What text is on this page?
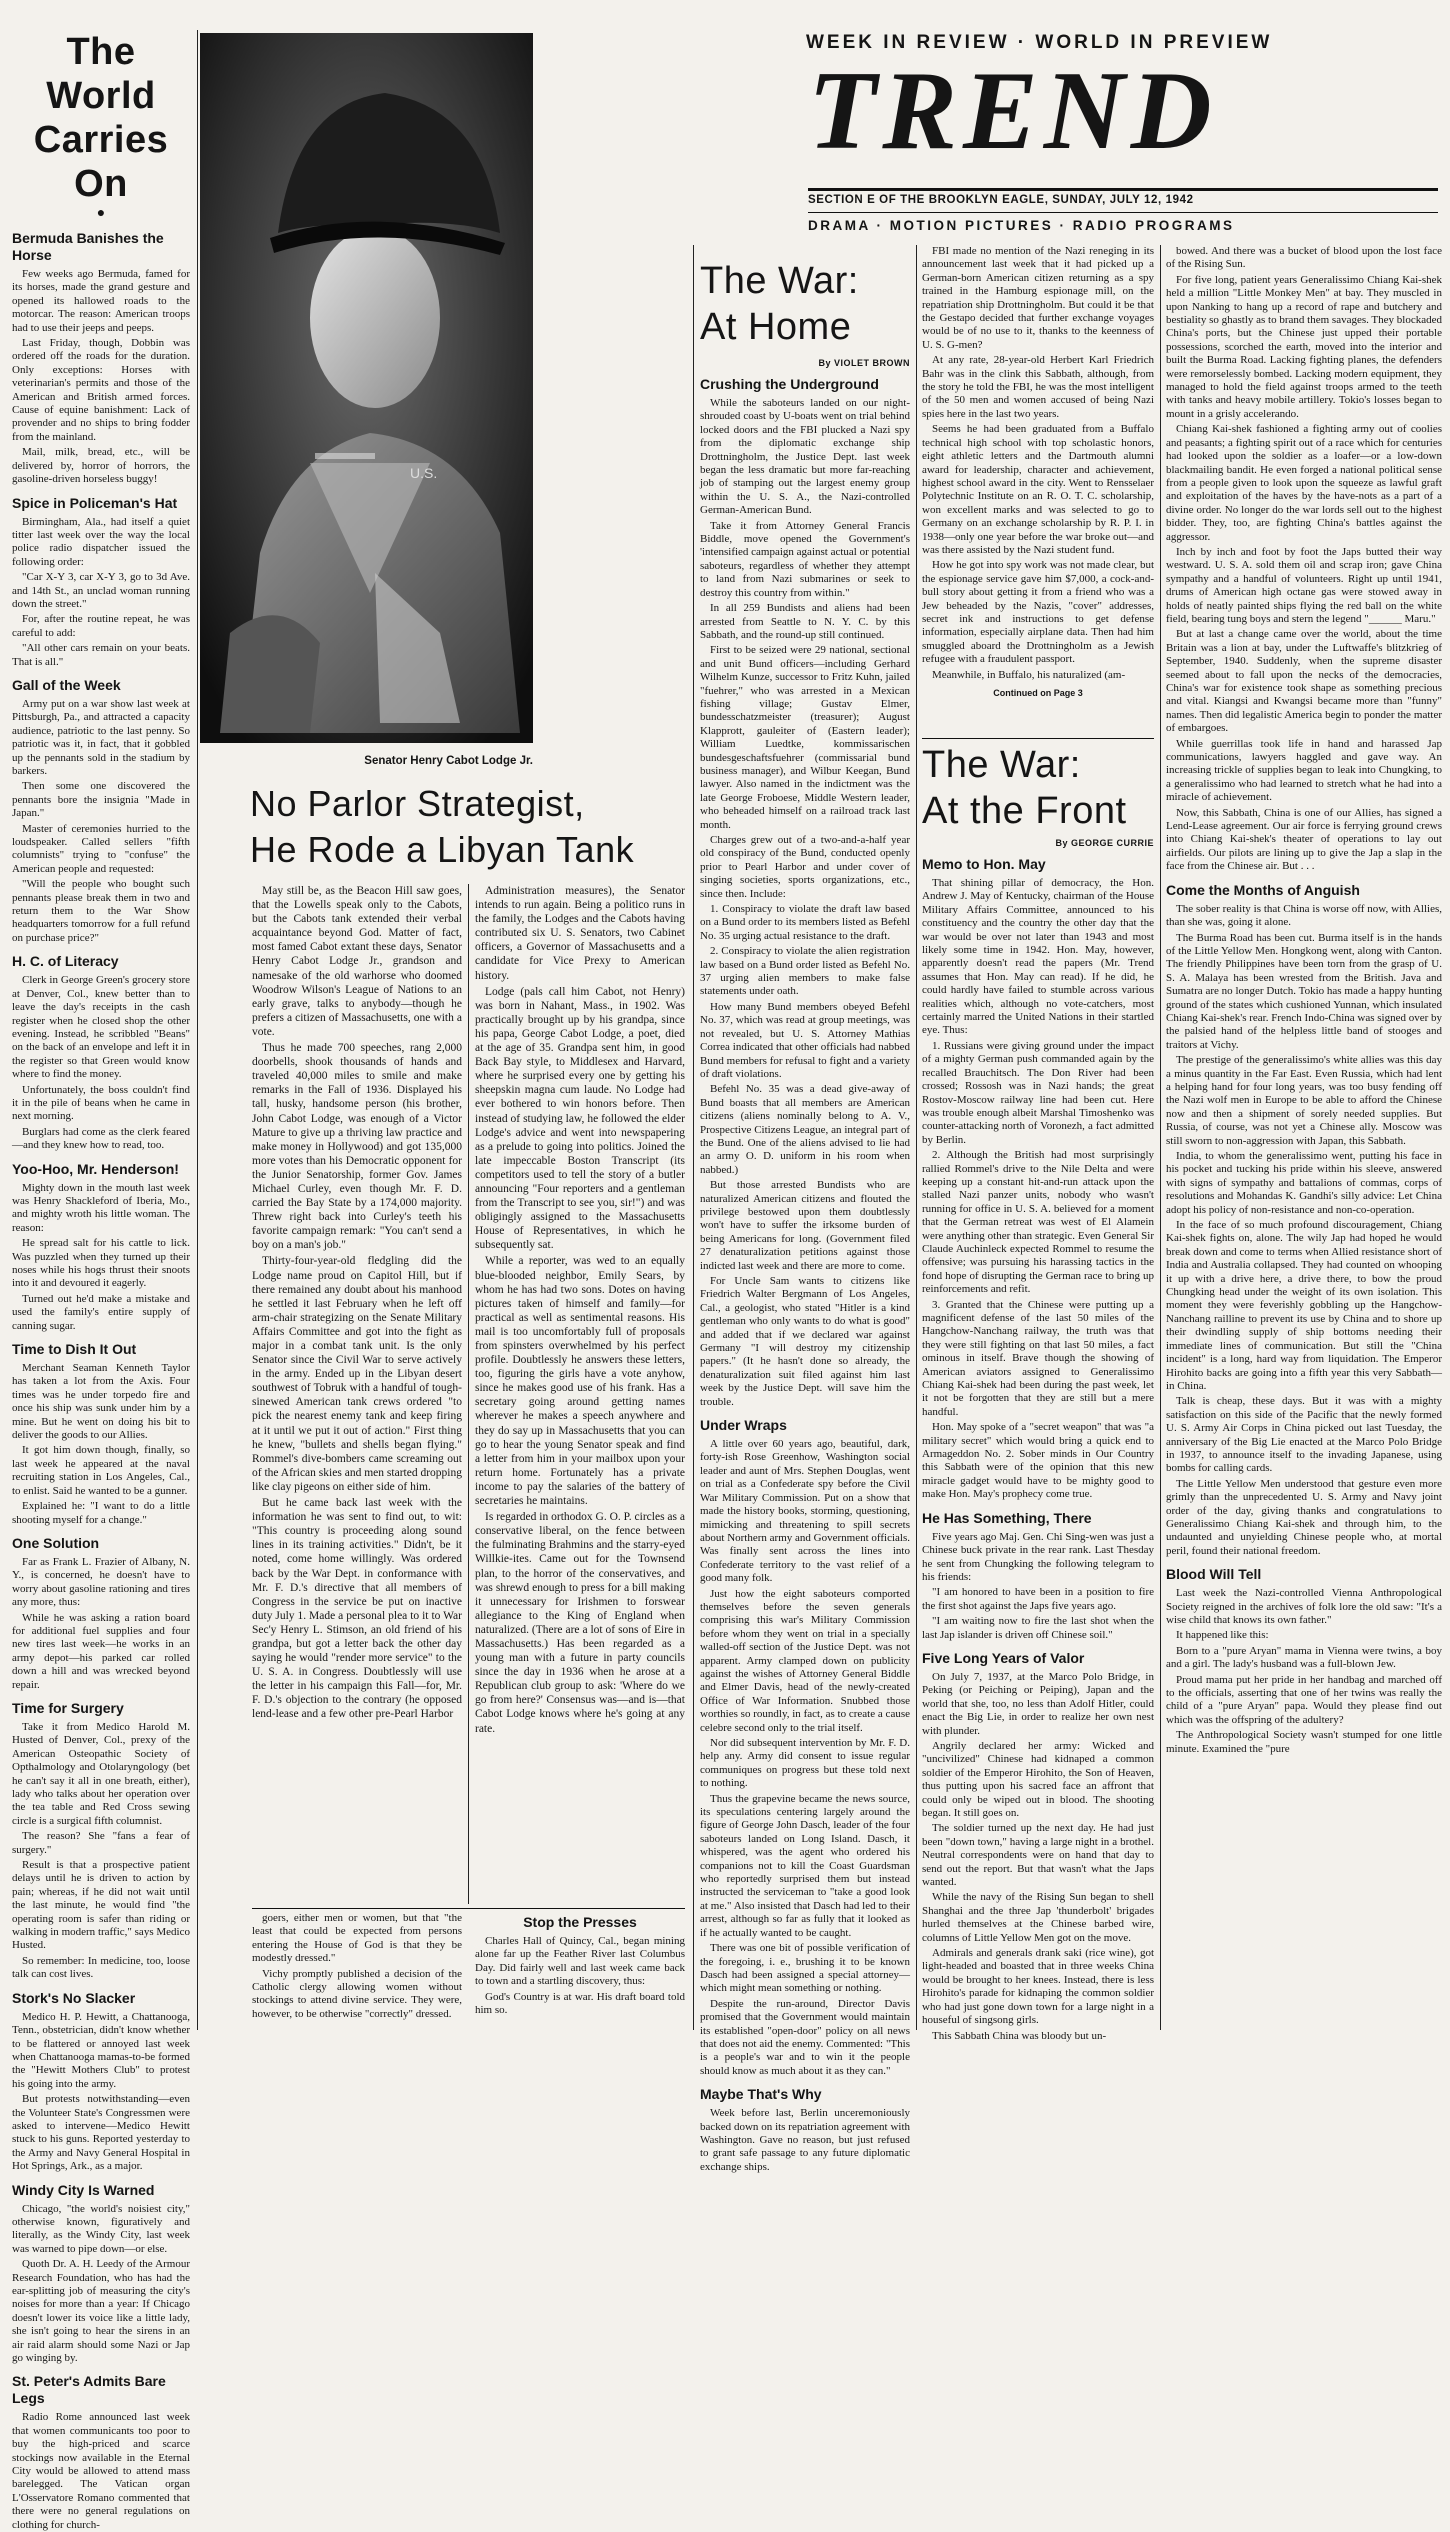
The World
Carries On
●
Bermuda Banishes the Horse

Few weeks ago Bermuda, famed for its horses, made the grand gesture and opened its hallowed roads to the motorcar. The reason: American troops had to use their jeeps and peeps.

Last Friday, though, Dobbin was ordered off the roads for the duration. Only exceptions: Horses with veterinarian's permits and those of the American and British armed forces. Cause of equine banishment: Lack of provender and no ships to bring fodder from the mainland.

Mail, milk, bread, etc., will be delivered by, horror of horrors, the gasoline-driven horseless buggy!

Spice in Policeman's Hat

Birmingham, Ala., had itself a quiet titter last week over the way the local police radio dispatcher issued the following order:

"Car X-Y 3, car X-Y 3, go to 3d Ave. and 14th St., an unclad woman running down the street."

For, after the routine repeat, he was careful to add:

"All other cars remain on your beats. That is all."

Gall of the Week

Army put on a war show last week at Pittsburgh, Pa., and attracted a capacity audience, patriotic to the last penny. So patriotic was it, in fact, that it gobbled up the pennants sold in the stadium by barkers.

Then some one discovered the pennants bore the insignia "Made in Japan."

Master of ceremonies hurried to the loudspeaker. Called sellers "fifth columnists" trying to "confuse" the American people and requested:

"Will the people who bought such pennants please break them in two and return them to the War Show headquarters tomorrow for a full refund on purchase price?"

H. C. of Literacy

Clerk in George Green's grocery store at Denver, Col., knew better than to leave the day's receipts in the cash register when he closed shop the other evening. Instead, he scribbled "Beans" on the back of an envelope and left it in the register so that Green would know where to find the money.

Unfortunately, the boss couldn't find it in the pile of beans when he came in next morning.

Burglars had come as the clerk feared—and they knew how to read, too.

Yoo-Hoo, Mr. Henderson!

Mighty down in the mouth last week was Henry Shackleford of Iberia, Mo., and mighty wroth his little woman. The reason:

He spread salt for his cattle to lick. Was puzzled when they turned up their noses while his hogs thrust their snoots into it and devoured it eagerly.

Turned out he'd make a mistake and used the family's entire supply of canning sugar.

Time to Dish It Out

Merchant Seaman Kenneth Taylor has taken a lot from the Axis. Four times was he under torpedo fire and once his ship was sunk under him by a mine. But he went on doing his bit to deliver the goods to our Allies.

It got him down though, finally, so last week he appeared at the naval recruiting station in Los Angeles, Cal., to enlist. Said he wanted to be a gunner.

Explained he: "I want to do a little shooting myself for a change."

One Solution

Far as Frank L. Frazier of Albany, N. Y., is concerned, he doesn't have to worry about gasoline rationing and tires any more, thus:

While he was asking a ration board for additional fuel supplies and four new tires last week—he works in an army depot—his parked car rolled down a hill and was wrecked beyond repair.

Time for Surgery

Take it from Medico Harold M. Husted of Denver, Col., prexy of the American Osteopathic Society of Opthalmology and Otolaryngology (bet he can't say it all in one breath, either), lady who talks about her operation over the tea table and Red Cross sewing circle is a surgical fifth columnist.

The reason? She "fans a fear of surgery."

Result is that a prospective patient delays until he is driven to action by pain; whereas, if he did not wait until the last minute, he would find "the operating room is safer than riding or walking in modern traffic," says Medico Husted.

So remember: In medicine, too, loose talk can cost lives.

Stork's No Slacker

Medico H. P. Hewitt, a Chattanooga, Tenn., obstetrician, didn't know whether to be flattered or annoyed last week when Chattanooga mamas-to-be formed the "Hewitt Mothers Club" to protest his going into the army.

But protests notwithstanding—even the Volunteer State's Congressmen were asked to intervene—Medico Hewitt stuck to his guns. Reported yesterday to the Army and Navy General Hospital in Hot Springs, Ark., as a major.

Windy City Is Warned

Chicago, "the world's noisiest city," otherwise known, figuratively and literally, as the Windy City, last week was warned to pipe down—or else.

Quoth Dr. A. H. Leedy of the Armour Research Foundation, who has had the ear-splitting job of measuring the city's noises for more than a year: If Chicago doesn't lower its voice like a little lady, she isn't going to hear the sirens in an air raid alarm should some Nazi or Jap go winging by.

St. Peter's Admits Bare Legs

Radio Rome announced last week that women communicants too poor to buy the high-priced and scarce stockings now available in the Eternal City would be allowed to attend mass barelegged. The Vatican organ L'Osservatore Romano commented that there were no general regulations on clothing for church-

U.S.
Senator Henry Cabot Lodge Jr.
No Parlor Strategist,
He Rode a Libyan Tank

May still be, as the Beacon Hill saw goes, that the Lowells speak only to the Cabots, but the Cabots tank extended their verbal acquaintance beyond God. Matter of fact, most famed Cabot extant these days, Senator Henry Cabot Lodge Jr., grandson and namesake of the old warhorse who doomed Woodrow Wilson's League of Nations to an early grave, talks to anybody—though he prefers a citizen of Massachusetts, one with a vote.

Thus he made 700 speeches, rang 2,000 doorbells, shook thousands of hands and traveled 40,000 miles to smile and make remarks in the Fall of 1936. Displayed his tall, husky, handsome person (his brother, John Cabot Lodge, was enough of a Victor Mature to give up a thriving law practice and make money in Hollywood) and got 135,000 more votes than his Democratic opponent for the Junior Senatorship, former Gov. James Michael Curley, even though Mr. F. D. carried the Bay State by a 174,000 majority. Threw right back into Curley's teeth his favorite campaign remark: "You can't send a boy on a man's job."

Thirty-four-year-old fledgling did the Lodge name proud on Capitol Hill, but if there remained any doubt about his manhood he settled it last February when he left off arm-chair strategizing on the Senate Military Affairs Committee and got into the fight as major in a combat tank unit. Is the only Senator since the Civil War to serve actively in the army. Ended up in the Libyan desert southwest of Tobruk with a handful of tough-sinewed American tank crews ordered "to pick the nearest enemy tank and keep firing at it until we put it out of action." First thing he knew, "bullets and shells began flying." Rommel's dive-bombers came screaming out of the African skies and men started dropping like clay pigeons on either side of him.

But he came back last week with the information he was sent to find out, to wit: "This country is proceeding along sound lines in its training activities." Didn't, be it noted, come home willingly. Was ordered back by the War Dept. in conformance with Mr. F. D.'s directive that all members of Congress in the service be put on inactive duty July 1. Made a personal plea to it to War Sec'y Henry L. Stimson, an old friend of his grandpa, but got a letter back the other day saying he would "render more service" to the U. S. A. in Congress. Doubtlessly will use the letter in his campaign this Fall—for, Mr. F. D.'s objection to the contrary (he opposed lend-lease and a few other pre-Pearl Harbor

Administration measures), the Senator intends to run again. Being a politico runs in the family, the Lodges and the Cabots having contributed six U. S. Senators, two Cabinet officers, a Governor of Massachusetts and a candidate for Vice Prexy to American history.

Lodge (pals call him Cabot, not Henry) was born in Nahant, Mass., in 1902. Was practically brought up by his grandpa, since his papa, George Cabot Lodge, a poet, died at the age of 35. Grandpa sent him, in good Back Bay style, to Middlesex and Harvard, where he surprised every one by getting his sheepskin magna cum laude. No Lodge had ever bothered to win honors before. Then instead of studying law, he followed the elder Lodge's advice and went into newspapering as a prelude to going into politics. Joined the late impeccable Boston Transcript (its competitors used to tell the story of a butler announcing "Four reporters and a gentleman from the Transcript to see you, sir!") and was obligingly assigned to the Massachusetts House of Representatives, in which he subsequently sat.

While a reporter, was wed to an equally blue-blooded neighbor, Emily Sears, by whom he has had two sons. Dotes on having pictures taken of himself and family—for practical as well as sentimental reasons. His mail is too uncomfortably full of proposals from spinsters overwhelmed by his perfect profile. Doubtlessly he answers these letters, too, figuring the girls have a vote anyhow, since he makes good use of his frank. Has a secretary going around getting names wherever he makes a speech anywhere and they do say up in Massachusetts that you can go to hear the young Senator speak and find a letter from him in your mailbox upon your return home. Fortunately has a private income to pay the salaries of the battery of secretaries he maintains.

Is regarded in orthodox G. O. P. circles as a conservative liberal, on the fence between the fulminating Brahmins and the starry-eyed Willkie-ites. Came out for the Townsend plan, to the horror of the conservatives, and was shrewd enough to press for a bill making it unnecessary for Irishmen to forswear allegiance to the King of England when naturalized. (There are a lot of sons of Eire in Massachusetts.) Has been regarded as a young man with a future in party councils since the day in 1936 when he arose at a Republican club group to ask: 'Where do we go from here?' Consensus was—and is—that Cabot Lodge knows where he's going at any rate.

goers, either men or women, but that "the least that could be expected from persons entering the House of God is that they be modestly dressed."

Vichy promptly published a decision of the Catholic clergy allowing women without stockings to attend divine service. They were, however, to be otherwise "correctly" dressed.

Stop the Presses

Charles Hall of Quincy, Cal., began mining alone far up the Feather River last Columbus Day. Did fairly well and last week came back to town and a startling discovery, thus:

God's Country is at war. His draft board told him so.

WEEK IN REVIEW · WORLD IN PREVIEW
TREND
SECTION E OF THE BROOKLYN EAGLE, SUNDAY, JULY 12, 1942
DRAMA · MOTION PICTURES · RADIO PROGRAMS
The War:
At Home
By VIOLET BROWN
Crushing the Underground

While the saboteurs landed on our night-shrouded coast by U-boats went on trial behind locked doors and the FBI plucked a Nazi spy from the diplomatic exchange ship Drottningholm, the Justice Dept. last week began the less dramatic but more far-reaching job of stamping out the largest enemy group within the U. S. A., the Nazi-controlled German-American Bund.

Take it from Attorney General Francis Biddle, move opened the Government's 'intensified campaign against actual or potential saboteurs, regardless of whether they attempt to land from Nazi submarines or seek to destroy this country from within."

In all 259 Bundists and aliens had been arrested from Seattle to N. Y. C. by this Sabbath, and the round-up still continued.

First to be seized were 29 national, sectional and unit Bund officers—including Gerhard Wilhelm Kunze, successor to Fritz Kuhn, jailed "fuehrer," who was arrested in a Mexican fishing village; Gustav Elmer, bundesschatzmeister (treasurer); August Klapprott, gauleiter of (Eastern leader); William Luedtke, kommissarischen bundesgeschaftsfuehrer (commissarial bund business manager), and Wilbur Keegan, Bund lawyer. Also named in the indictment was the late George Froboese, Middle Western leader, who beheaded himself on a railroad track last month.

Charges grew out of a two-and-a-half year old conspiracy of the Bund, conducted openly prior to Pearl Harbor and under cover of singing societies, sports organizations, etc., since then. Include:

1. Conspiracy to violate the draft law based on a Bund order to its members listed as Befehl No. 35 urging actual resistance to the draft.

2. Conspiracy to violate the alien registration law based on a Bund order listed as Befehl No. 37 urging alien members to make false statements under oath.

How many Bund members obeyed Befehl No. 37, which was read at group meetings, was not revealed, but U. S. Attorney Mathias Correa indicated that other officials had nabbed Bund members for refusal to fight and a variety of draft violations.

Befehl No. 35 was a dead give-away of Bund boasts that all members are American citizens (aliens nominally belong to A. V., Prospective Citizens League, an integral part of the Bund. One of the aliens advised to lie had an army O. D. uniform in his room when nabbed.)

But those arrested Bundists who are naturalized American citizens and flouted the privilege bestowed upon them doubtlessly won't have to suffer the irksome burden of being Americans for long. (Government filed 27 denaturalization petitions against those indicted last week and there are more to come.

For Uncle Sam wants to citizens like Friedrich Walter Bergmann of Los Angeles, Cal., a geologist, who stated "Hitler is a kind gentleman who only wants to do what is good" and added that if we declared war against Germany "I will destroy my citizenship papers." (It he hasn't done so already, the denaturalization suit filed against him last week by the Justice Dept. will save him the trouble.

Under Wraps

A little over 60 years ago, beautiful, dark, forty-ish Rose Greenhow, Washington social leader and aunt of Mrs. Stephen Douglas, went on trial as a Confederate spy before the Civil War Military Commission. Put on a show that made the history books, storming, questioning, mimicking and threatening to spill secrets about Northern army and Government officials. Was finally sent across the lines into Confederate territory to the vast relief of a good many folk.

Just how the eight saboteurs comported themselves before the seven generals comprising this war's Military Commission before whom they went on trial in a specially walled-off section of the Justice Dept. was not apparent. Army clamped down on publicity against the wishes of Attorney General Biddle and Elmer Davis, head of the newly-created Office of War Information. Snubbed those worthies so roundly, in fact, as to create a cause celebre second only to the trial itself.

Nor did subsequent intervention by Mr. F. D. help any. Army did consent to issue regular communiques on progress but these told next to nothing.

Thus the grapevine became the news source, its speculations centering largely around the figure of George John Dasch, leader of the four saboteurs landed on Long Island. Dasch, it whispered, was the agent who ordered his companions not to kill the Coast Guardsman who reportedly surprised them but instead instructed the serviceman to "take a good look at me." Also insisted that Dasch had led to their arrest, although so far as fully that it looked as if he actually wanted to be caught.

There was one bit of possible verification of the foregoing, i. e., brushing it to be known Dasch had been assigned a special attorney—which might mean something or nothing.

Despite the run-around, Director Davis promised that the Government would maintain its established "open-door" policy on all news that does not aid the enemy. Commented: "This is a people's war and to win it the people should know as much about it as they can."

Maybe That's Why

Week before last, Berlin unceremoniously backed down on its repatriation agreement with Washington. Gave no reason, but just refused to grant safe passage to any future diplomatic exchange ships.

FBI made no mention of the Nazi reneging in its announcement last week that it had picked up a German-born American citizen returning as a spy trained in the Hamburg espionage mill, on the repatriation ship Drottningholm. But could it be that the Gestapo decided that further exchange voyages would be of no use to it, thanks to the keenness of U. S. G-men?

At any rate, 28-year-old Herbert Karl Friedrich Bahr was in the clink this Sabbath, although, from the story he told the FBI, he was the most intelligent of the 50 men and women accused of being Nazi spies here in the last two years.

Seems he had been graduated from a Buffalo technical high school with top scholastic honors, eight athletic letters and the Dartmouth alumni award for leadership, character and achievement, highest school award in the city. Went to Rensselaer Polytechnic Institute on an R. O. T. C. scholarship, won excellent marks and was selected to go to Germany on an exchange scholarship by R. P. I. in 1938—only one year before the war broke out—and was there assisted by the Nazi student fund.

How he got into spy work was not made clear, but the espionage service gave him $7,000, a cock-and-bull story about getting it from a friend who was a Jew beheaded by the Nazis, "cover" addresses, secret ink and instructions to get defense information, especially airplane data. Then had him smuggled aboard the Drottningholm as a Jewish refugee with a fraudulent passport.

Meanwhile, in Buffalo, his naturalized (am-

Continued on Page 3
The War:
At the Front
By GEORGE CURRIE
Memo to Hon. May

That shining pillar of democracy, the Hon. Andrew J. May of Kentucky, chairman of the House Military Affairs Committee, announced to his constituency and the country the other day that the war would be over not later than 1943 and most likely some time in 1942. Hon. May, however, apparently doesn't read the papers (Mr. Trend assumes that Hon. May can read). If he did, he could hardly have failed to stumble across various realities which, although no vote-catchers, most certainly marred the United Nations in their startled eye. Thus:

1. Russians were giving ground under the impact of a mighty German push commanded again by the recalled Brauchitsch. The Don River had been crossed; Rossosh was in Nazi hands; the great Rostov-Moscow railway line had been cut. Here was trouble enough albeit Marshal Timoshenko was counter-attacking north of Voronezh, a fact admitted by Berlin.

2. Although the British had most surprisingly rallied Rommel's drive to the Nile Delta and were keeping up a constant hit-and-run attack upon the stalled Nazi panzer units, nobody who wasn't running for office in U. S. A. believed for a moment that the German retreat was west of El Alamein were anything other than strategic. Even General Sir Claude Auchinleck expected Rommel to resume the offensive; was pursuing his harassing tactics in the fond hope of disrupting the German race to bring up reinforcements and refit.

3. Granted that the Chinese were putting up a magnificent defense of the last 50 miles of the Hangchow-Nanchang railway, the truth was that they were still fighting on that last 50 miles, a fact ominous in itself. Brave though the showing of American aviators assigned to Generalissimo Chiang Kai-shek had been during the past week, let it not be forgotten that they are still but a mere handful.

Hon. May spoke of a "secret weapon" that was "a military secret" which would bring a quick end to Armageddon No. 2. Sober minds in Our Country this Sabbath were of the opinion that this new miracle gadget would have to be mighty good to make Hon. May's prophecy come true.

He Has Something, There

Five years ago Maj. Gen. Chi Sing-wen was just a Chinese buck private in the rear rank. Last Thesday he sent from Chungking the following telegram to his friends:

"I am honored to have been in a position to fire the first shot against the Japs five years ago.

"I am waiting now to fire the last shot when the last Jap islander is driven off Chinese soil."

Five Long Years of Valor

On July 7, 1937, at the Marco Polo Bridge, in Peking (or Peiching or Peiping), Japan and the world that she, too, no less than Adolf Hitler, could enact the Big Lie, in order to realize her own nest with plunder.

Angrily declared her army: Wicked and "uncivilized" Chinese had kidnaped a common soldier of the Emperor Hirohito, the Son of Heaven, thus putting upon his sacred face an affront that could only be wiped out in blood. The shooting began. It still goes on.

The soldier turned up the next day. He had just been "down town," having a large night in a brothel. Neutral correspondents were on hand that day to send out the report. But that wasn't what the Japs wanted.

While the navy of the Rising Sun began to shell Shanghai and the three Jap 'thunderbolt' brigades hurled themselves at the Chinese barbed wire, columns of Little Yellow Men got on the move.

Admirals and generals drank saki (rice wine), got light-headed and boasted that in three weeks China would be brought to her knees. Instead, there is less Hirohito's parade for kidnaping the common soldier who had just gone down town for a large night in a houseful of singsong girls.

This Sabbath China was bloody but un-

bowed. And there was a bucket of blood upon the lost face of the Rising Sun.

For five long, patient years Generalissimo Chiang Kai-shek held a million "Little Monkey Men" at bay. They muscled in upon Nanking to hang up a record of rape and butchery and bestiality so ghastly as to brand them savages. They blockaded China's ports, but the Chinese just upped their portable possessions, scorched the earth, moved into the interior and built the Burma Road. Lacking fighting planes, the defenders were remorselessly bombed. Lacking modern equipment, they managed to hold the field against troops armed to the teeth with tanks and heavy mobile artillery. Tokio's losses began to mount in a grisly accelerando.

Chiang Kai-shek fashioned a fighting army out of coolies and peasants; a fighting spirit out of a race which for centuries had looked upon the soldier as a loafer—or a low-down blackmailing bandit. He even forged a national political sense from a people given to look upon the squeeze as lawful graft and exploitation of the haves by the have-nots as a part of a divine order. No longer do the war lords sell out to the highest bidder. They, too, are fighting China's battles against the aggressor.

Inch by inch and foot by foot the Japs butted their way westward. U. S. A. sold them oil and scrap iron; gave China sympathy and a handful of volunteers. Right up until 1941, drums of American high octane gas were stowed away in holds of neatly painted ships flying the red ball on the white field, bearing tung boys and stern the legend "______ Maru."

But at last a change came over the world, about the time Britain was a lion at bay, under the Luftwaffe's blitzkrieg of September, 1940. Suddenly, when the supreme disaster seemed about to fall upon the necks of the democracies, China's war for existence took shape as something precious and vital. Kiangsi and Kwangsi became more than "funny" names. Then did legalistic America begin to ponder the matter of embargoes.

While guerrillas took life in hand and harassed Jap communications, lawyers haggled and gave way. An increasing trickle of supplies began to leak into Chungking, to a generalissimo who had learned to stretch what he had into a miracle of achievement.

Now, this Sabbath, China is one of our Allies, has signed a Lend-Lease agreement. Our air force is ferrying ground crews into Chiang Kai-shek's theater of operations to lay out airfields. Our pilots are lining up to give the Jap a slap in the face from the Chinese air. But . . .

Come the Months of Anguish

The sober reality is that China is worse off now, with Allies, than she was, going it alone.

The Burma Road has been cut. Burma itself is in the hands of the Little Yellow Men. Hongkong went, along with Canton. The friendly Philippines have been torn from the grasp of U. S. A. Malaya has been wrested from the British. Java and Sumatra are no longer Dutch. Tokio has made a happy hunting ground of the states which cushioned Yunnan, which insulated Chiang Kai-shek's rear. French Indo-China was signed over by the palsied hand of the helpless little band of stooges and traitors at Vichy.

The prestige of the generalissimo's white allies was this day a minus quantity in the Far East. Even Russia, which had lent a helping hand for four long years, was too busy fending off the Nazi wolf men in Europe to be able to afford the Chinese now and then a shipment of sorely needed supplies. But Russia, of course, was not yet a Chinese ally. Moscow was still sworn to non-aggression with Japan, this Sabbath.

India, to whom the generalissimo went, putting his face in his pocket and tucking his pride within his sleeve, answered with signs of sympathy and battalions of commas, corps of resolutions and Mohandas K. Gandhi's silly advice: Let China adopt his policy of non-resistance and non-co-operation.

In the face of so much profound discouragement, Chiang Kai-shek fights on, alone. The wily Jap had hoped he would break down and come to terms when Allied resistance short of India and Australia collapsed. They had counted on whooping it up with a drive here, a drive there, to bow the proud Chungking head under the weight of its own isolation. This moment they were feverishly gobbling up the Hangchow-Nanchang railline to prevent its use by China and to shore up their dwindling supply of ship bottoms needing their immediate lines of communication. But still the "China incident" is a long, hard way from liquidation. The Emperor Hirohito backs are going into a fifth year this very Sabbath—in China.

Talk is cheap, these days. But it was with a mighty satisfaction on this side of the Pacific that the newly formed U. S. Army Air Corps in China picked out last Tuesday, the anniversary of the Big Lie enacted at the Marco Polo Bridge in 1937, to announce itself to the invading Japanese, using bombs for calling cards.

The Little Yellow Men understood that gesture even more grimly than the unprecedented U. S. Army and Navy joint order of the day, giving thanks and congratulations to Generalissimo Chiang Kai-shek and through him, to the undaunted and unyielding Chinese people who, at mortal peril, found their national freedom.

Blood Will Tell

Last week the Nazi-controlled Vienna Anthropological Society reigned in the archives of folk lore the old saw: "It's a wise child that knows its own father."

It happened like this:

Born to a "pure Aryan" mama in Vienna were twins, a boy and a girl. The lady's husband was a full-blown Jew.

Proud mama put her pride in her handbag and marched off to the officials, asserting that one of her twins was really the child of a "pure Aryan" papa. Would they please find out which was the offspring of the adultery?

The Anthropological Society wasn't stumped for one little minute. Examined the "pure
